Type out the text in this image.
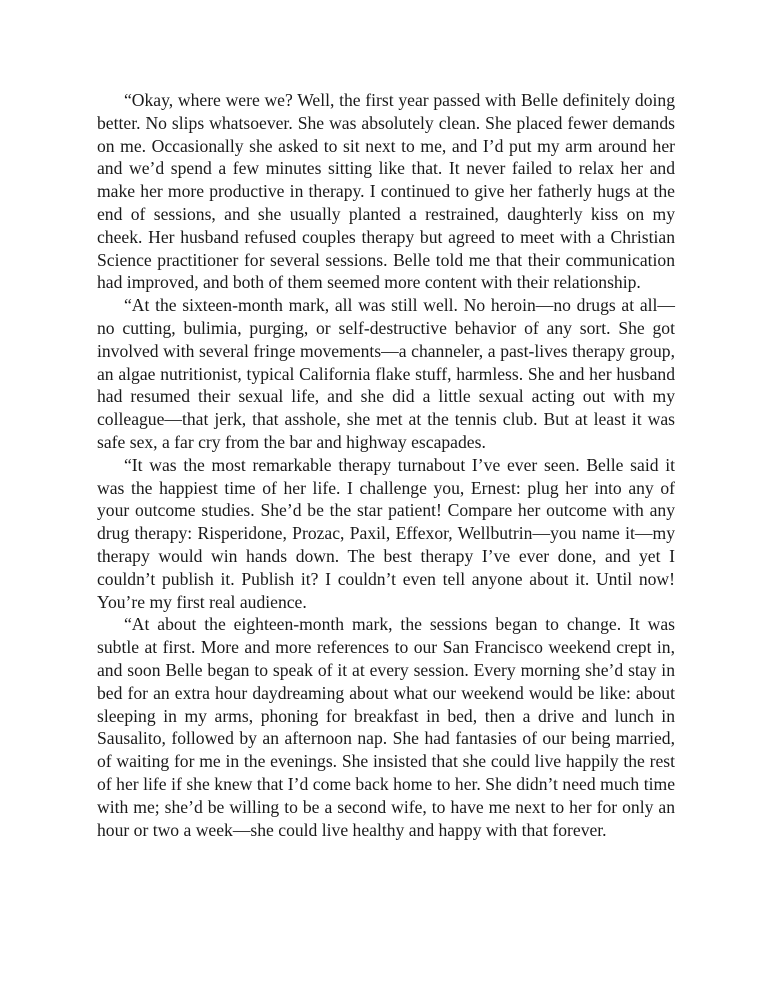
“Okay, where were we? Well, the first year passed with Belle definitely doing better. No slips whatsoever. She was absolutely clean. She placed fewer demands on me. Occasionally she asked to sit next to me, and I’d put my arm around her and we’d spend a few minutes sitting like that. It never failed to relax her and make her more productive in therapy. I continued to give her fatherly hugs at the end of sessions, and she usually planted a restrained, daughterly kiss on my cheek. Her husband refused couples therapy but agreed to meet with a Christian Science practitioner for several sessions. Belle told me that their communication had improved, and both of them seemed more content with their relationship.

“At the sixteen-month mark, all was still well. No heroin—no drugs at all—no cutting, bulimia, purging, or self-destructive behavior of any sort. She got involved with several fringe movements—a channeler, a past-lives therapy group, an algae nutritionist, typical California flake stuff, harmless. She and her husband had resumed their sexual life, and she did a little sexual acting out with my colleague—that jerk, that asshole, she met at the tennis club. But at least it was safe sex, a far cry from the bar and highway escapades.

“It was the most remarkable therapy turnabout I’ve ever seen. Belle said it was the happiest time of her life. I challenge you, Ernest: plug her into any of your outcome studies. She’d be the star patient! Compare her outcome with any drug therapy: Risperidone, Prozac, Paxil, Effexor, Wellbutrin—you name it—my therapy would win hands down. The best therapy I’ve ever done, and yet I couldn’t publish it. Publish it? I couldn’t even tell anyone about it. Until now! You’re my first real audience.

“At about the eighteen-month mark, the sessions began to change. It was subtle at first. More and more references to our San Francisco weekend crept in, and soon Belle began to speak of it at every session. Every morning she’d stay in bed for an extra hour daydreaming about what our weekend would be like: about sleeping in my arms, phoning for breakfast in bed, then a drive and lunch in Sausalito, followed by an afternoon nap. She had fantasies of our being married, of waiting for me in the evenings. She insisted that she could live happily the rest of her life if she knew that I’d come back home to her. She didn’t need much time with me; she’d be willing to be a second wife, to have me next to her for only an hour or two a week—she could live healthy and happy with that forever.
